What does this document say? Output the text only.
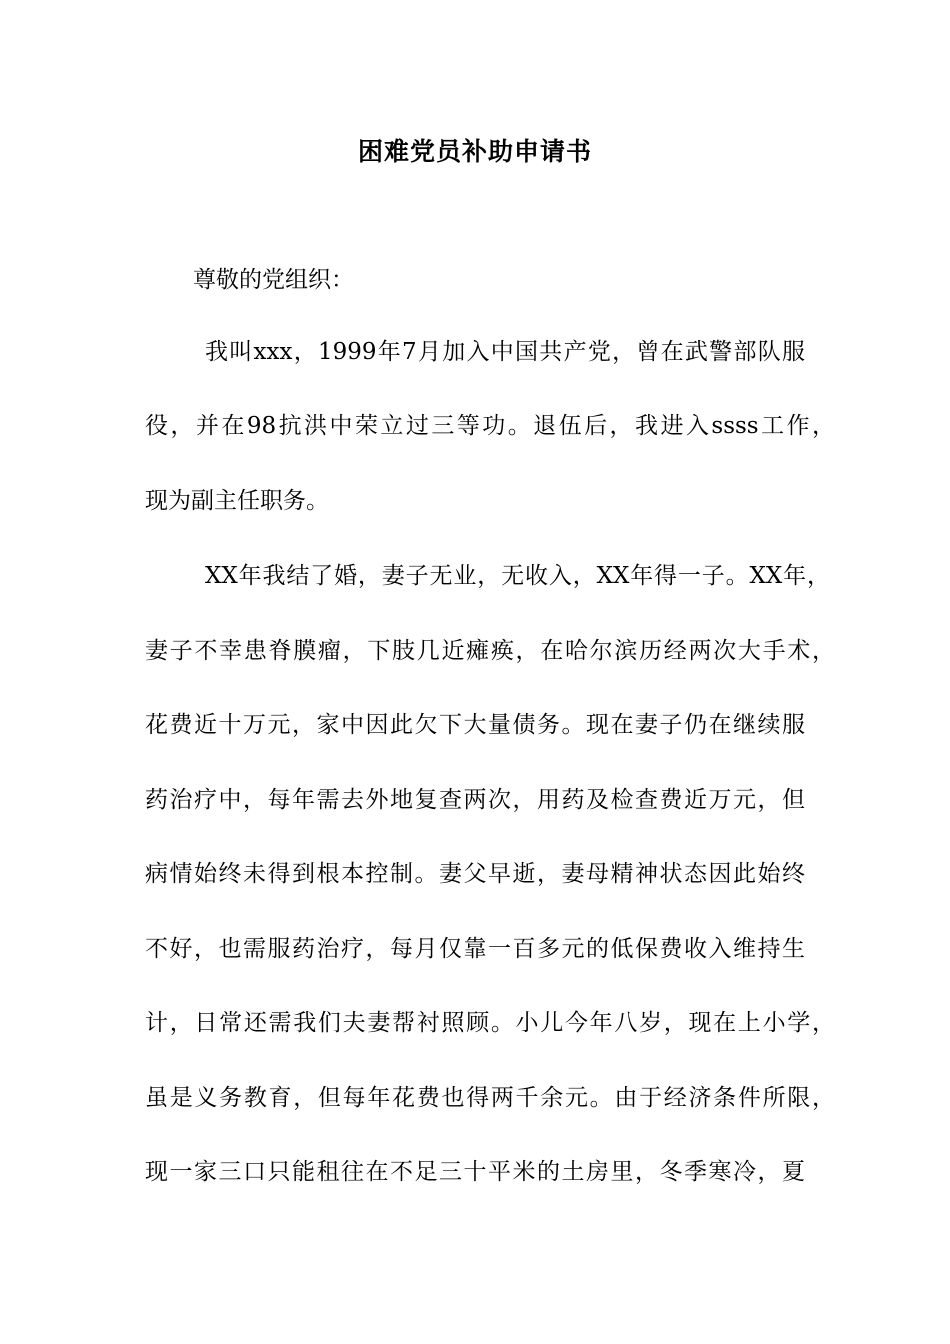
困难党员补助申请书
尊敬的党组织：
我叫xxx，1999年7月加入中国共产党，曾在武警部队服
役，并在98抗洪中荣立过三等功。退伍后，我进入ssss工作，
现为副主任职务。
XX年我结了婚，妻子无业，无收入，XX年得一子。XX年，
妻子不幸患脊膜瘤，下肢几近瘫痪，在哈尔滨历经两次大手术，
花费近十万元，家中因此欠下大量债务。现在妻子仍在继续服
药治疗中，每年需去外地复查两次，用药及检查费近万元，但
病情始终未得到根本控制。妻父早逝，妻母精神状态因此始终
不好，也需服药治疗，每月仅靠一百多元的低保费收入维持生
计，日常还需我们夫妻帮衬照顾。小儿今年八岁，现在上小学，
虽是义务教育，但每年花费也得两千余元。由于经济条件所限，
现一家三口只能租往在不足三十平米的土房里，冬季寒冷，夏
